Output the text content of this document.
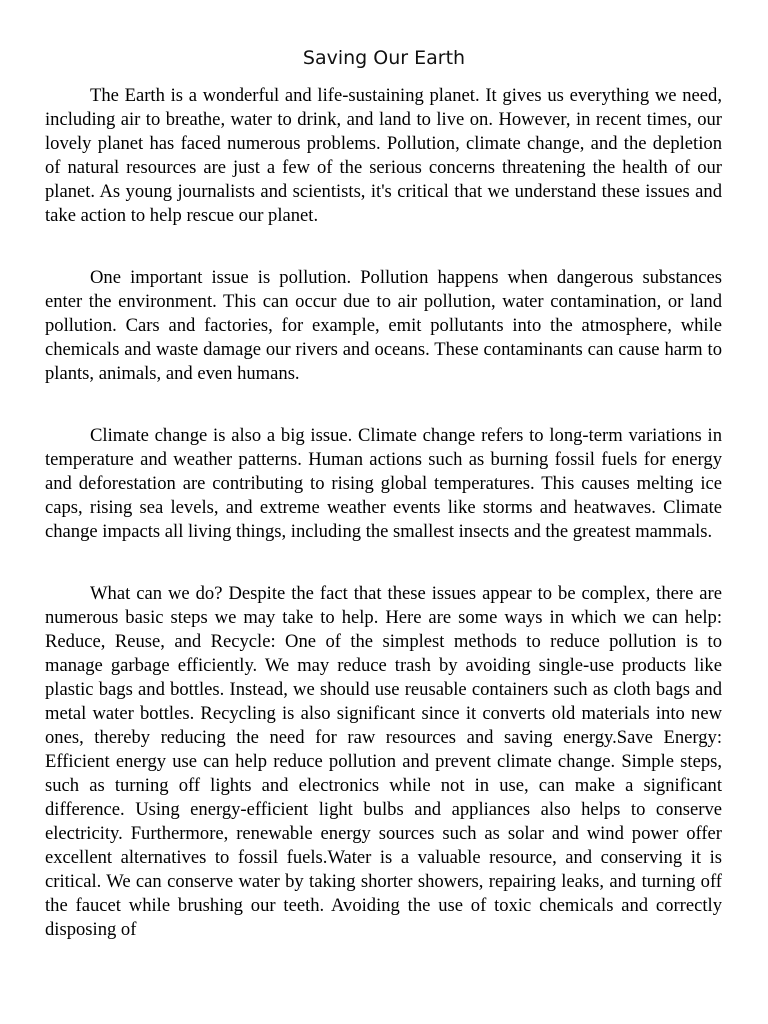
Saving Our Earth

The Earth is a wonderful and life-sustaining planet. It gives us everything we need, including air to breathe, water to drink, and land to live on. However, in recent times, our lovely planet has faced numerous problems. Pollution, climate change, and the depletion of natural resources are just a few of the serious concerns threatening the health of our planet. As young journalists and scientists, it's critical that we understand these issues and take action to help rescue our planet.

One important issue is pollution. Pollution happens when dangerous substances enter the environment. This can occur due to air pollution, water contamination, or land pollution. Cars and factories, for example, emit pollutants into the atmosphere, while chemicals and waste damage our rivers and oceans. These contaminants can cause harm to plants, animals, and even humans.

Climate change is also a big issue. Climate change refers to long-term variations in temperature and weather patterns. Human actions such as burning fossil fuels for energy and deforestation are contributing to rising global temperatures. This causes melting ice caps, rising sea levels, and extreme weather events like storms and heatwaves. Climate change impacts all living things, including the smallest insects and the greatest mammals.

What can we do? Despite the fact that these issues appear to be complex, there are numerous basic steps we may take to help. Here are some ways in which we can help: Reduce, Reuse, and Recycle: One of the simplest methods to reduce pollution is to manage garbage efficiently. We may reduce trash by avoiding single-use products like plastic bags and bottles. Instead, we should use reusable containers such as cloth bags and metal water bottles. Recycling is also significant since it converts old materials into new ones, thereby reducing the need for raw resources and saving energy.Save Energy: Efficient energy use can help reduce pollution and prevent climate change. Simple steps, such as turning off lights and electronics while not in use, can make a significant difference. Using energy-efficient light bulbs and appliances also helps to conserve electricity. Furthermore, renewable energy sources such as solar and wind power offer excellent alternatives to fossil fuels.Water is a valuable resource, and conserving it is critical. We can conserve water by taking shorter showers, repairing leaks, and turning off the faucet while brushing our teeth. Avoiding the use of toxic chemicals and correctly disposing of
